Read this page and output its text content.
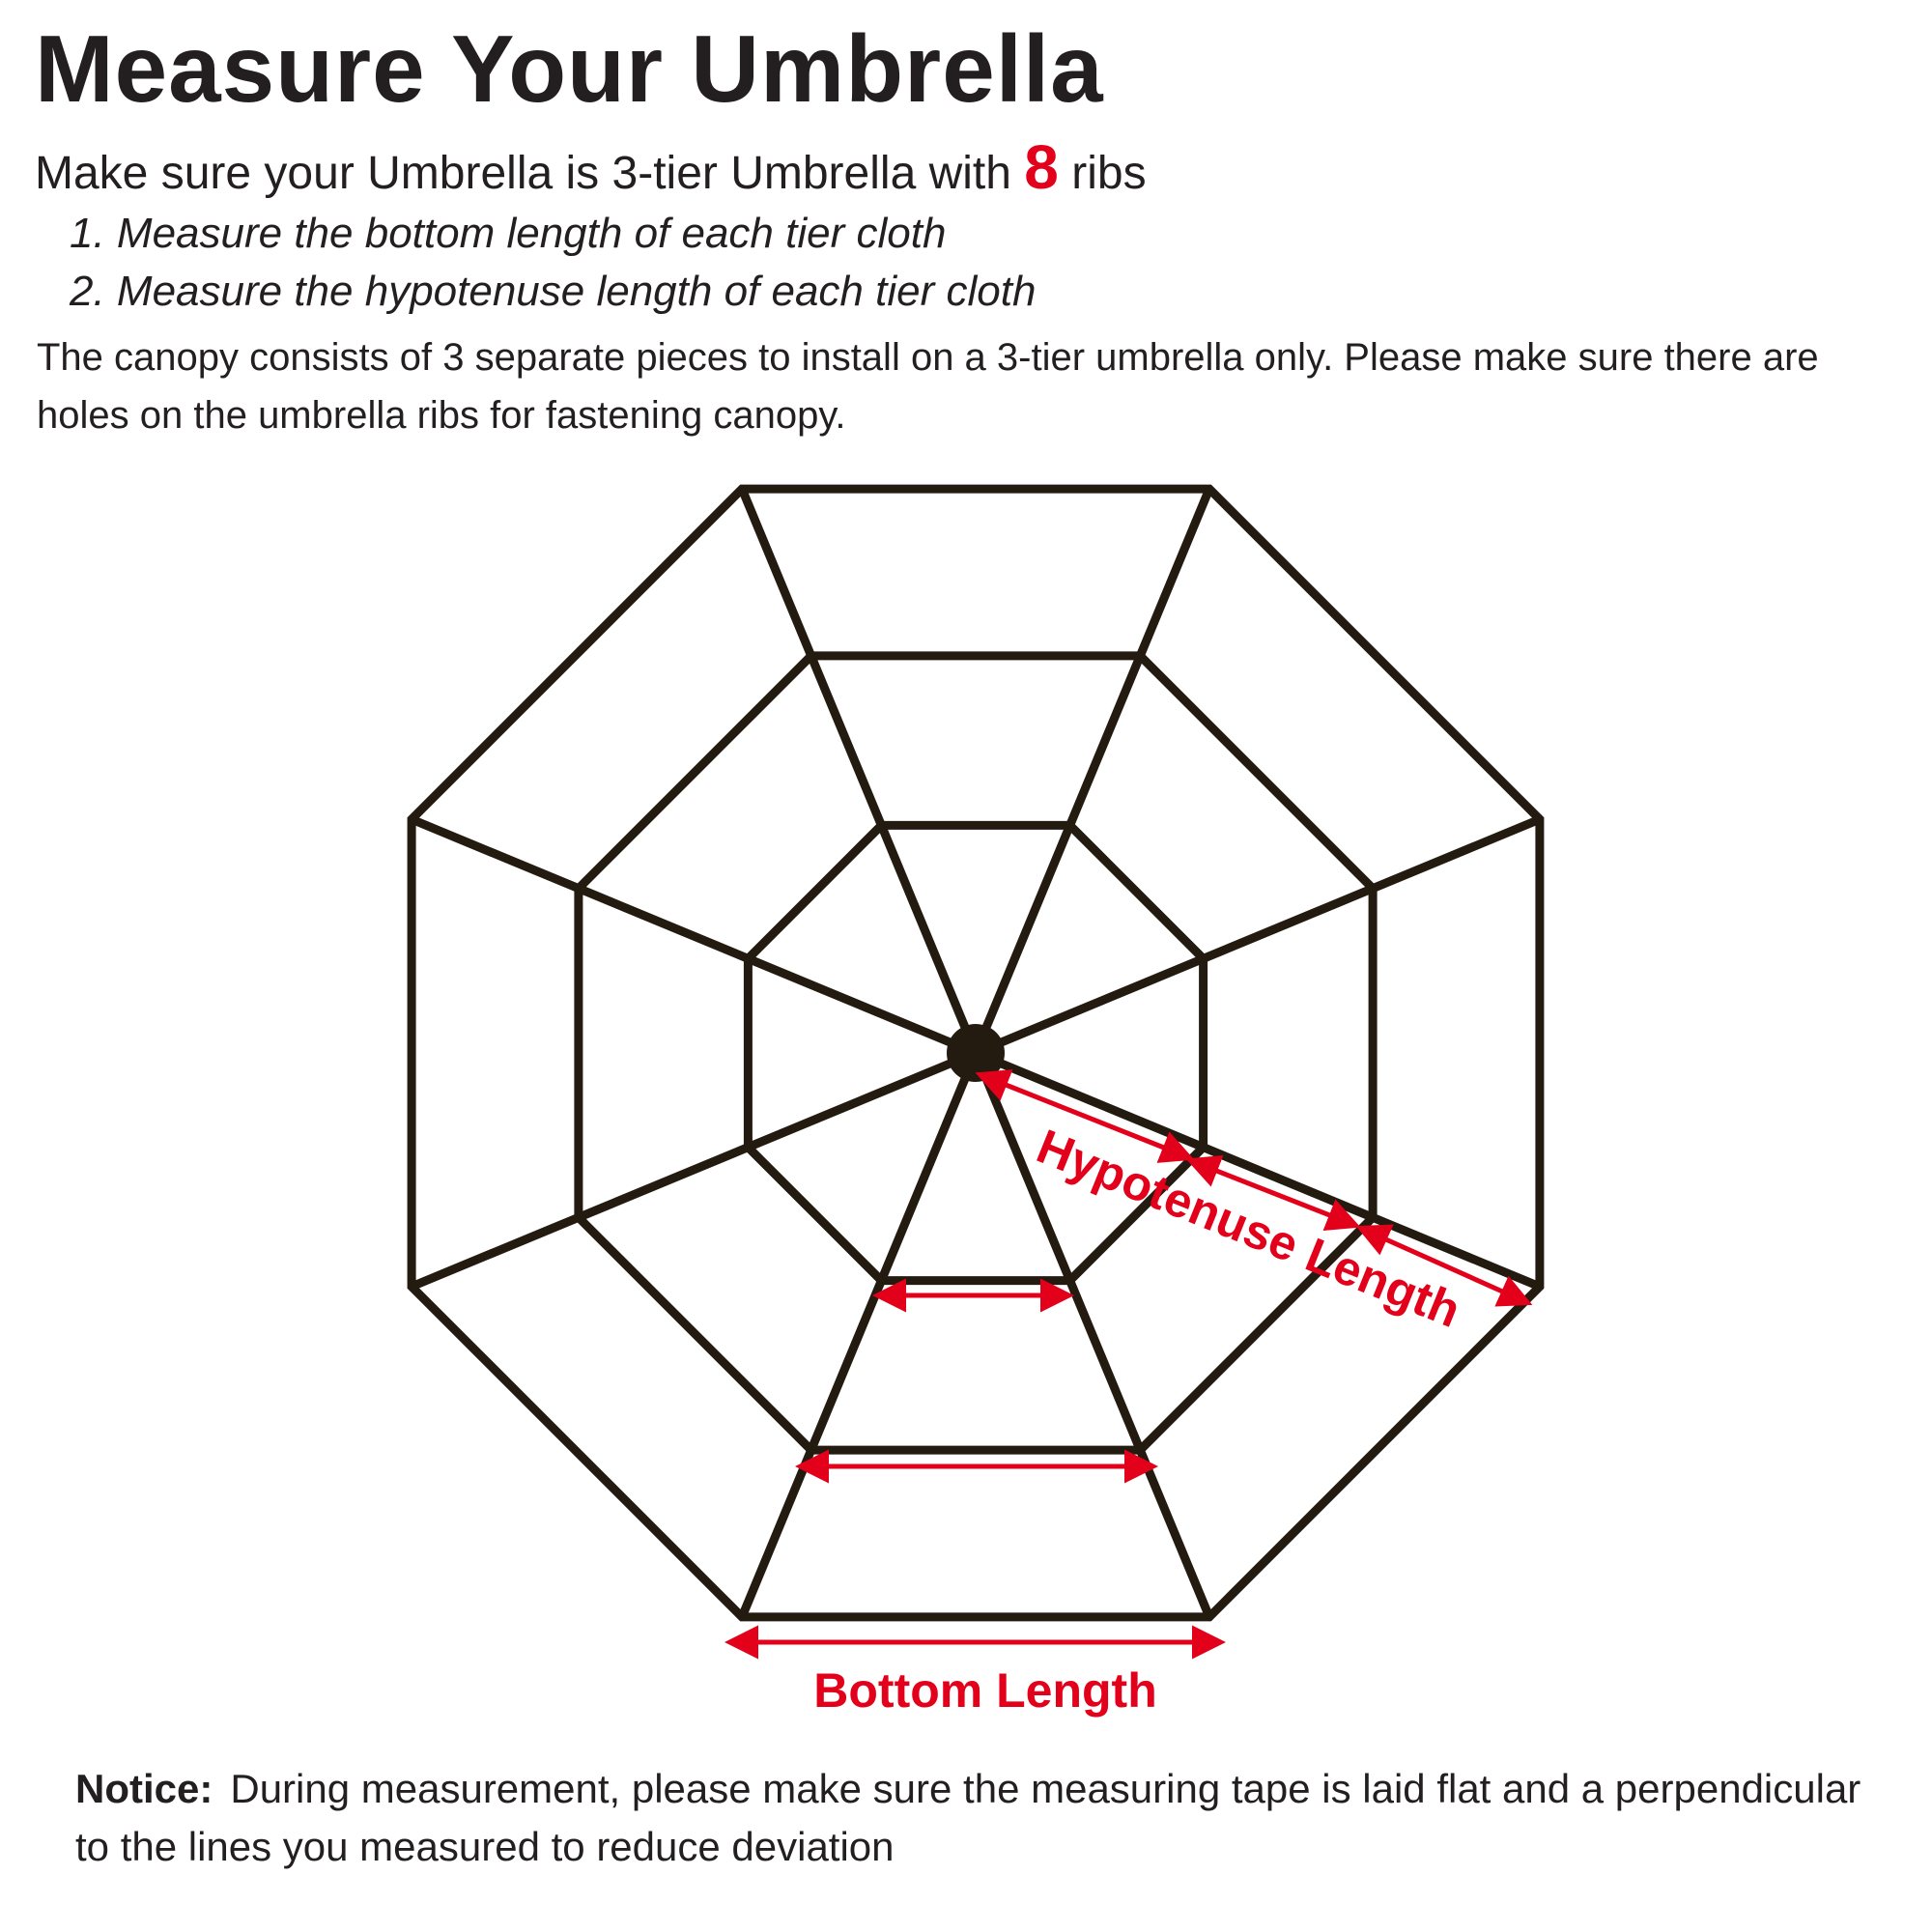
Measure Your Umbrella
Make sure your Umbrella is 3-tier Umbrella with 8 ribs
1. Measure the bottom length of each tier cloth
2. Measure the hypotenuse length of each tier cloth
The canopy consists of 3 separate pieces to install on a 3-tier umbrella only. Please make sure there are holes on the umbrella ribs for fastening canopy.
Hypotenuse Length
Bottom Length
Notice: During measurement, please make sure the measuring tape is laid flat and a perpendicular to the lines you measured to reduce deviation
